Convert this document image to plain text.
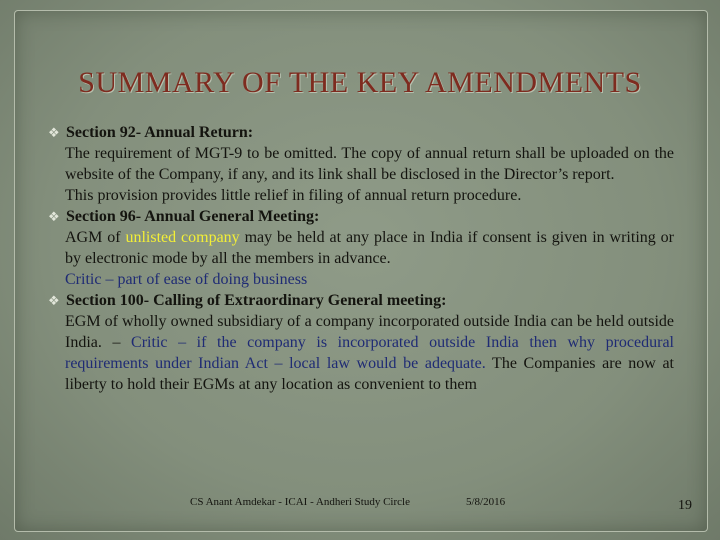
SUMMARY OF THE KEY AMENDMENTS

❖ Section 92- Annual Return:

The requirement of MGT-9 to be omitted. The copy of annual return shall be uploaded on the website of the Company, if any, and its link shall be disclosed in the Director’s report.

This provision provides little relief in filing of annual return procedure.

❖ Section 96- Annual General Meeting:

AGM of unlisted company may be held at any place in India if consent is given in writing or by electronic mode by all the members in advance.
Critic – part of ease of doing business

❖ Section 100- Calling of Extraordinary General meeting:

EGM of wholly owned subsidiary of a company incorporated outside India can be held outside India. – Critic – if the company is incorporated outside India then why procedural requirements under Indian Act – local law would be adequate. The Companies are now at liberty to hold their EGMs at any location as convenient to them

CS Anant Amdekar - ICAI - Andheri Study Circle	5/8/2016	19
